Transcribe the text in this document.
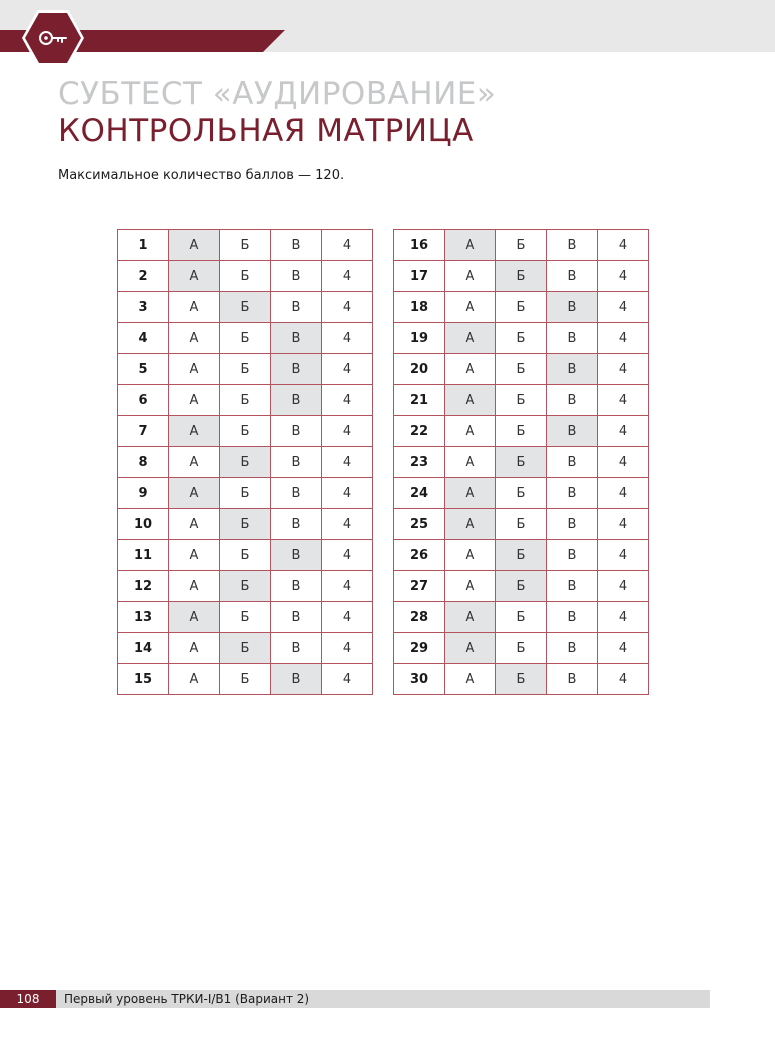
СУБТЕСТ «АУДИРОВАНИЕ»
КОНТРОЛЬНАЯ МАТРИЦА
Максимальное количество баллов — 120.
1	А	Б	В	4
2	А	Б	В	4
3	А	Б	В	4
4	А	Б	В	4
5	А	Б	В	4
6	А	Б	В	4
7	А	Б	В	4
8	А	Б	В	4
9	А	Б	В	4
10	А	Б	В	4
11	А	Б	В	4
12	А	Б	В	4
13	А	Б	В	4
14	А	Б	В	4
15	А	Б	В	4
16	А	Б	В	4
17	А	Б	В	4
18	А	Б	В	4
19	А	Б	В	4
20	А	Б	В	4
21	А	Б	В	4
22	А	Б	В	4
23	А	Б	В	4
24	А	Б	В	4
25	А	Б	В	4
26	А	Б	В	4
27	А	Б	В	4
28	А	Б	В	4
29	А	Б	В	4
30	А	Б	В	4
108	Первый уровень ТРКИ-I/B1 (Вариант 2)
